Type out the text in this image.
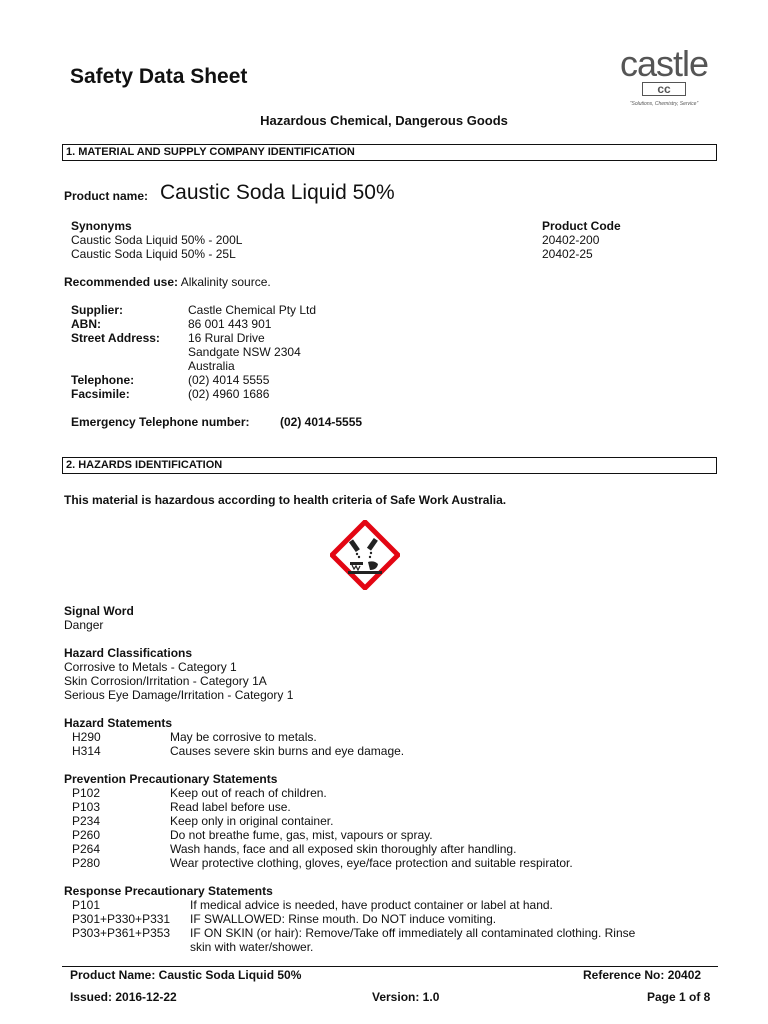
Safety Data Sheet	castle
cc
“Solutions, Chemistry, Service”
Hazardous Chemical, Dangerous Goods
1. MATERIAL AND SUPPLY COMPANY IDENTIFICATION
Product name: Caustic Soda Liquid 50%
Synonyms	Product Code
Caustic Soda Liquid 50% - 200L	20402-200
Caustic Soda Liquid 50% - 25L	20402-25
Recommended use: Alkalinity source.
Supplier:	Castle Chemical Pty Ltd
ABN:	86 001 443 901
Street Address: 16 Rural Drive
Sandgate NSW 2304
Australia
Telephone:	(02) 4014 5555
Facsimile:	(02) 4960 1686
Emergency Telephone number:	(02) 4014-5555
2. HAZARDS IDENTIFICATION
This material is hazardous according to health criteria of Safe Work Australia.
Signal Word
Danger
Hazard Classifications
Corrosive to Metals - Category 1
Skin Corrosion/Irritation - Category 1A
Serious Eye Damage/Irritation - Category 1
Hazard Statements
H290	May be corrosive to metals.
H314	Causes severe skin burns and eye damage.
Prevention Precautionary Statements
P102	Keep out of reach of children.
P103	Read label before use.
P234	Keep only in original container.
P260	Do not breathe fume, gas, mist, vapours or spray.
P264	Wash hands, face and all exposed skin thoroughly after handling.
P280	Wear protective clothing, gloves, eye/face protection and suitable respirator.
Response Precautionary Statements
P101	If medical advice is needed, have product container or label at hand.
P301+P330+P331 IF SWALLOWED: Rinse mouth. Do NOT induce vomiting.
P303+P361+P353 IF ON SKIN (or hair): Remove/Take off immediately all contaminated clothing. Rinse
skin with water/shower.
Product Name: Caustic Soda Liquid 50%	Reference No: 20402
Issued: 2016-12-22	Version: 1.0	Page 1 of 8
